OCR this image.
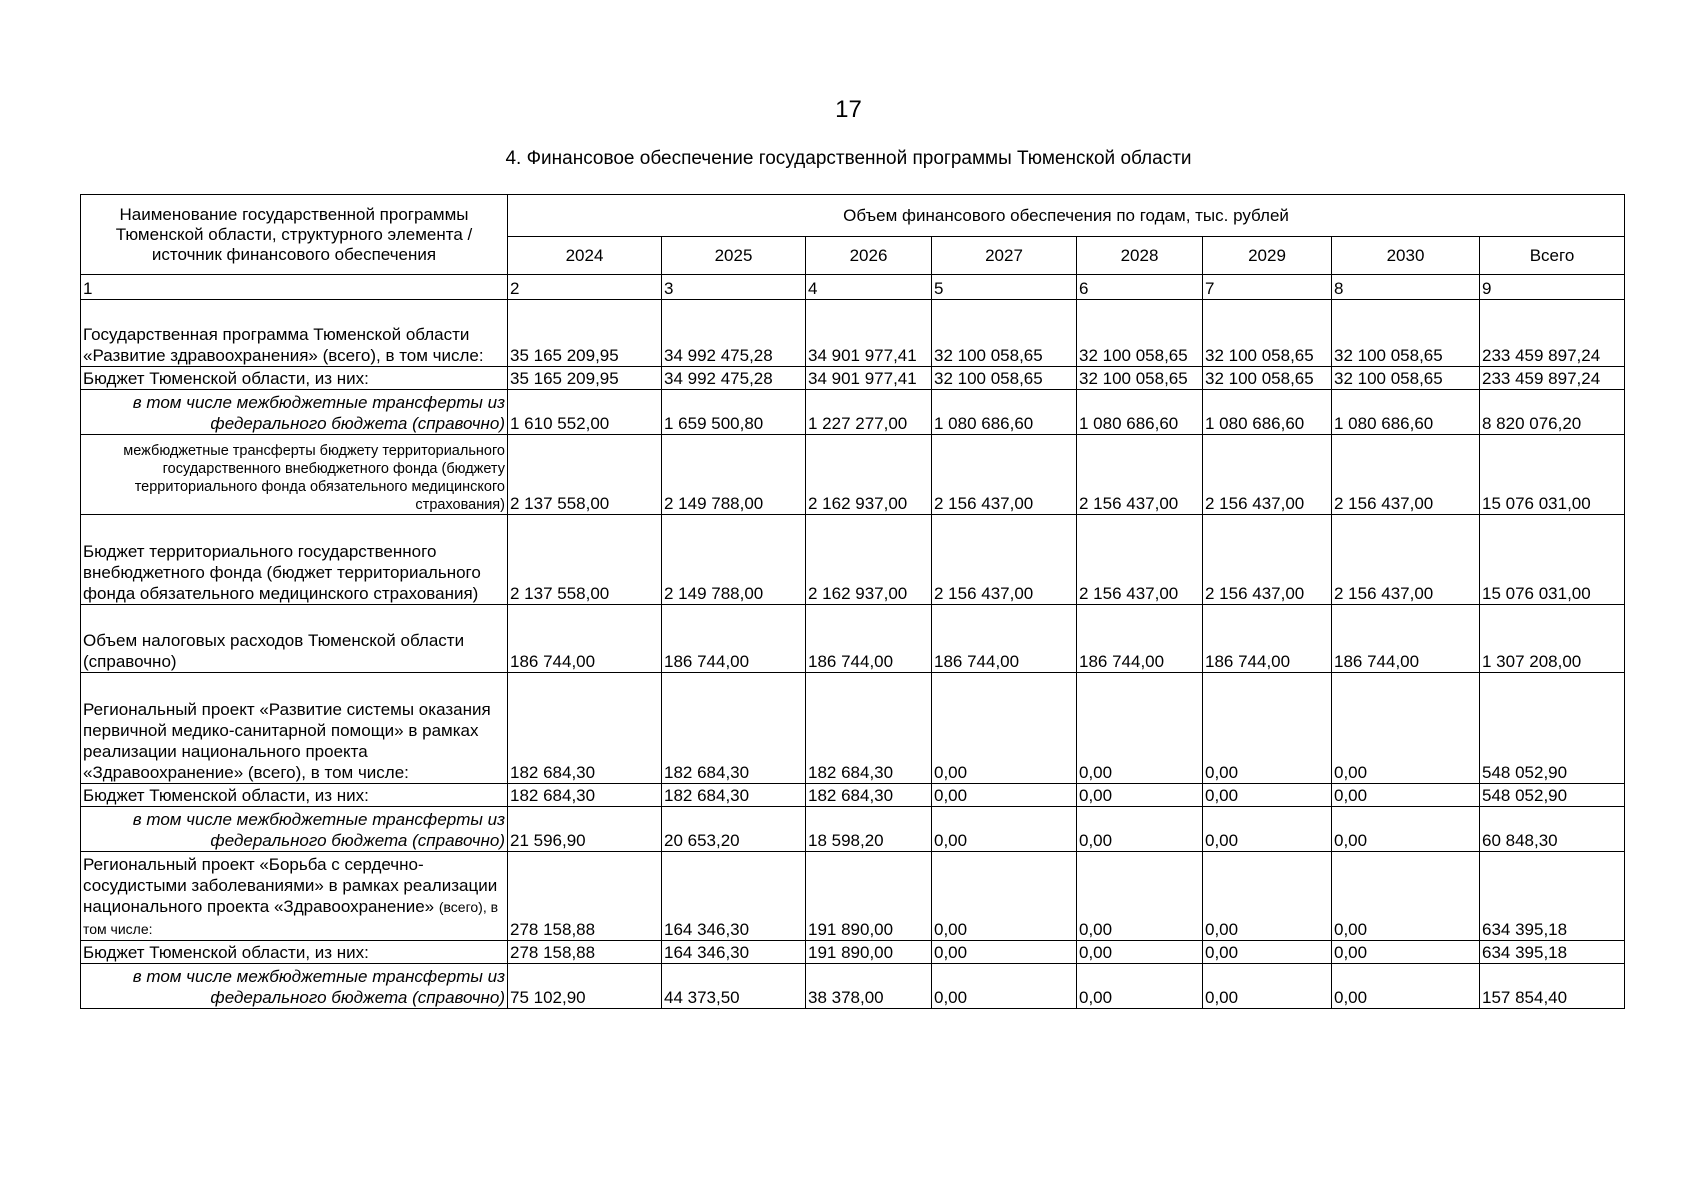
17
4. Финансовое обеспечение государственной программы Тюменской области
Наименование государственной программы Тюменской области, структурного элемента / источник финансового обеспечения	Объем финансового обеспечения по годам, тыс. рублей							
	2024	2025	2026	2027	2028	2029	2030	Всего
1	2	3	4	5	6	7	8	9
Государственная программа Тюменской области «Развитие здравоохранения» (всего), в том числе:	35 165 209,95	34 992 475,28	34 901 977,41	32 100 058,65	32 100 058,65	32 100 058,65	32 100 058,65	233 459 897,24
Бюджет Тюменской области, из них:	35 165 209,95	34 992 475,28	34 901 977,41	32 100 058,65	32 100 058,65	32 100 058,65	32 100 058,65	233 459 897,24
в том числе межбюджетные трансферты из федерального бюджета (справочно)	1 610 552,00	1 659 500,80	1 227 277,00	1 080 686,60	1 080 686,60	1 080 686,60	1 080 686,60	8 820 076,20
межбюджетные трансферты бюджету территориального государственного внебюджетного фонда (бюджету территориального фонда обязательного медицинского страхования)	2 137 558,00	2 149 788,00	2 162 937,00	2 156 437,00	2 156 437,00	2 156 437,00	2 156 437,00	15 076 031,00
Бюджет территориального государственного внебюджетного фонда (бюджет территориального фонда обязательного медицинского страхования)	2 137 558,00	2 149 788,00	2 162 937,00	2 156 437,00	2 156 437,00	2 156 437,00	2 156 437,00	15 076 031,00
Объем налоговых расходов Тюменской области (справочно)	186 744,00	186 744,00	186 744,00	186 744,00	186 744,00	186 744,00	186 744,00	1 307 208,00
Региональный проект «Развитие системы оказания первичной медико-санитарной помощи» в рамках реализации национального проекта «Здравоохранение» (всего), в том числе:	182 684,30	182 684,30	182 684,30	0,00	0,00	0,00	0,00	548 052,90
Бюджет Тюменской области, из них:	182 684,30	182 684,30	182 684,30	0,00	0,00	0,00	0,00	548 052,90
в том числе межбюджетные трансферты из федерального бюджета (справочно)	21 596,90	20 653,20	18 598,20	0,00	0,00	0,00	0,00	60 848,30
Региональный проект «Борьба с сердечно-сосудистыми заболеваниями» в рамках реализации национального проекта «Здравоохранение» (всего), в том числе:	278 158,88	164 346,30	191 890,00	0,00	0,00	0,00	0,00	634 395,18
Бюджет Тюменской области, из них:	278 158,88	164 346,30	191 890,00	0,00	0,00	0,00	0,00	634 395,18
в том числе межбюджетные трансферты из федерального бюджета (справочно)	75 102,90	44 373,50	38 378,00	0,00	0,00	0,00	0,00	157 854,40
